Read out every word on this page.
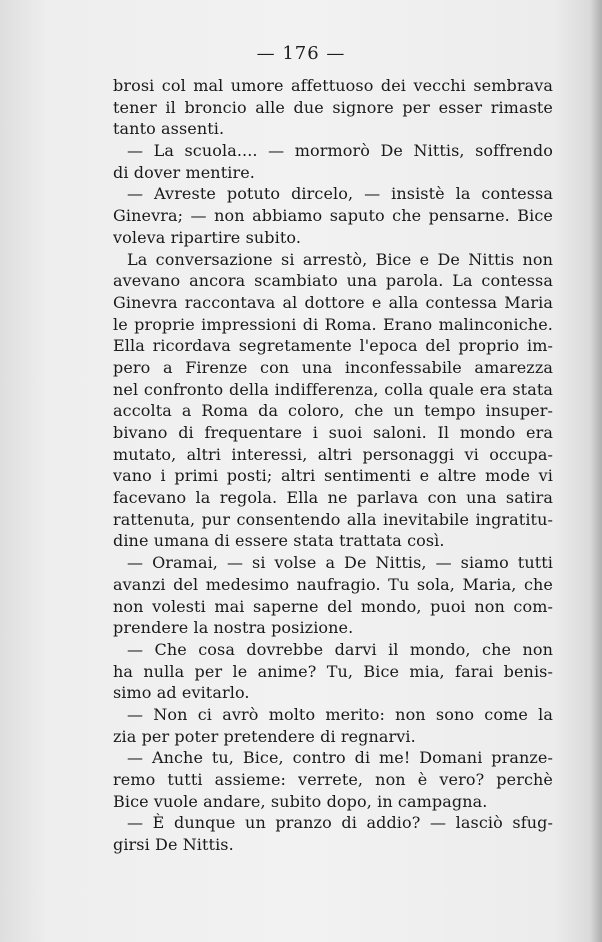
— 176 —
brosi col mal umore affettuoso dei vecchi sembrava
tener il broncio alle due signore per esser rimaste
tanto assenti.
— La scuola.... — mormorò De Nittis, soffrendo
di dover mentire.
— Avreste potuto dircelo, — insistè la contessa
Ginevra; — non abbiamo saputo che pensarne. Bice
voleva ripartire subito.
La conversazione si arrestò, Bice e De Nittis non
avevano ancora scambiato una parola. La contessa
Ginevra raccontava al dottore e alla contessa Maria
le proprie impressioni di Roma. Erano malinconiche.
Ella ricordava segretamente l'epoca del proprio im-
pero a Firenze con una inconfessabile amarezza
nel confronto della indifferenza, colla quale era stata
accolta a Roma da coloro, che un tempo insuper-
bivano di frequentare i suoi saloni. Il mondo era
mutato, altri interessi, altri personaggi vi occupa-
vano i primi posti; altri sentimenti e altre mode vi
facevano la regola. Ella ne parlava con una satira
rattenuta, pur consentendo alla inevitabile ingratitu-
dine umana di essere stata trattata così.
— Oramai, — si volse a De Nittis, — siamo tutti
avanzi del medesimo naufragio. Tu sola, Maria, che
non volesti mai saperne del mondo, puoi non com-
prendere la nostra posizione.
— Che cosa dovrebbe darvi il mondo, che non
ha nulla per le anime? Tu, Bice mia, farai benis-
simo ad evitarlo.
— Non ci avrò molto merito: non sono come la
zia per poter pretendere di regnarvi.
— Anche tu, Bice, contro di me! Domani pranze-
remo tutti assieme: verrete, non è vero? perchè
Bice vuole andare, subito dopo, in campagna.
— È dunque un pranzo di addio? — lasciò sfug-
girsi De Nittis.
